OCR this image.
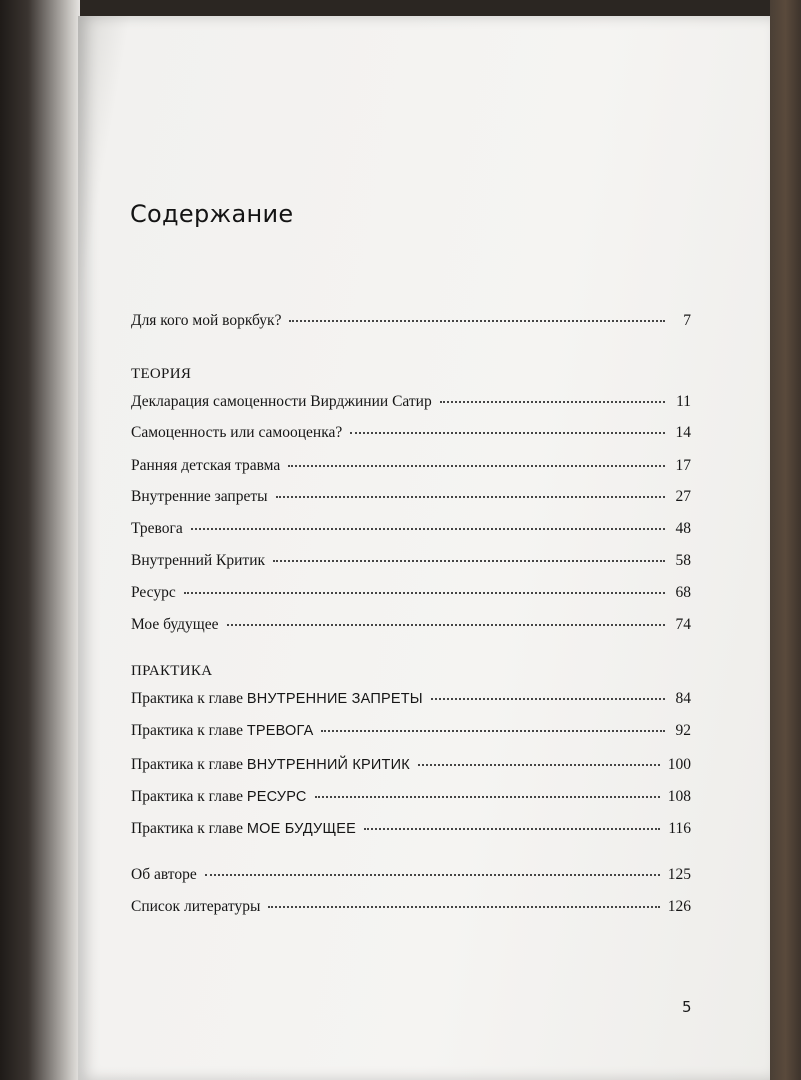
Содержание
Для кого мой воркбук?	7
ТЕОРИЯ
Декларация самоценности Вирджинии Сатир	11
Самоценность или самооценка?	14
Ранняя детская травма	17
Внутренние запреты	27
Тревога	48
Внутренний Критик	58
Ресурс	68
Мое будущее	74
ПРАКТИКА
Практика к главе ВНУТРЕННИЕ ЗАПРЕТЫ	84
Практика к главе ТРЕВОГА	92
Практика к главе ВНУТРЕННИЙ КРИТИК	100
Практика к главе РЕСУРС	108
Практика к главе МОЕ БУДУЩЕЕ	116
Об авторе	125
Список литературы	126
5
